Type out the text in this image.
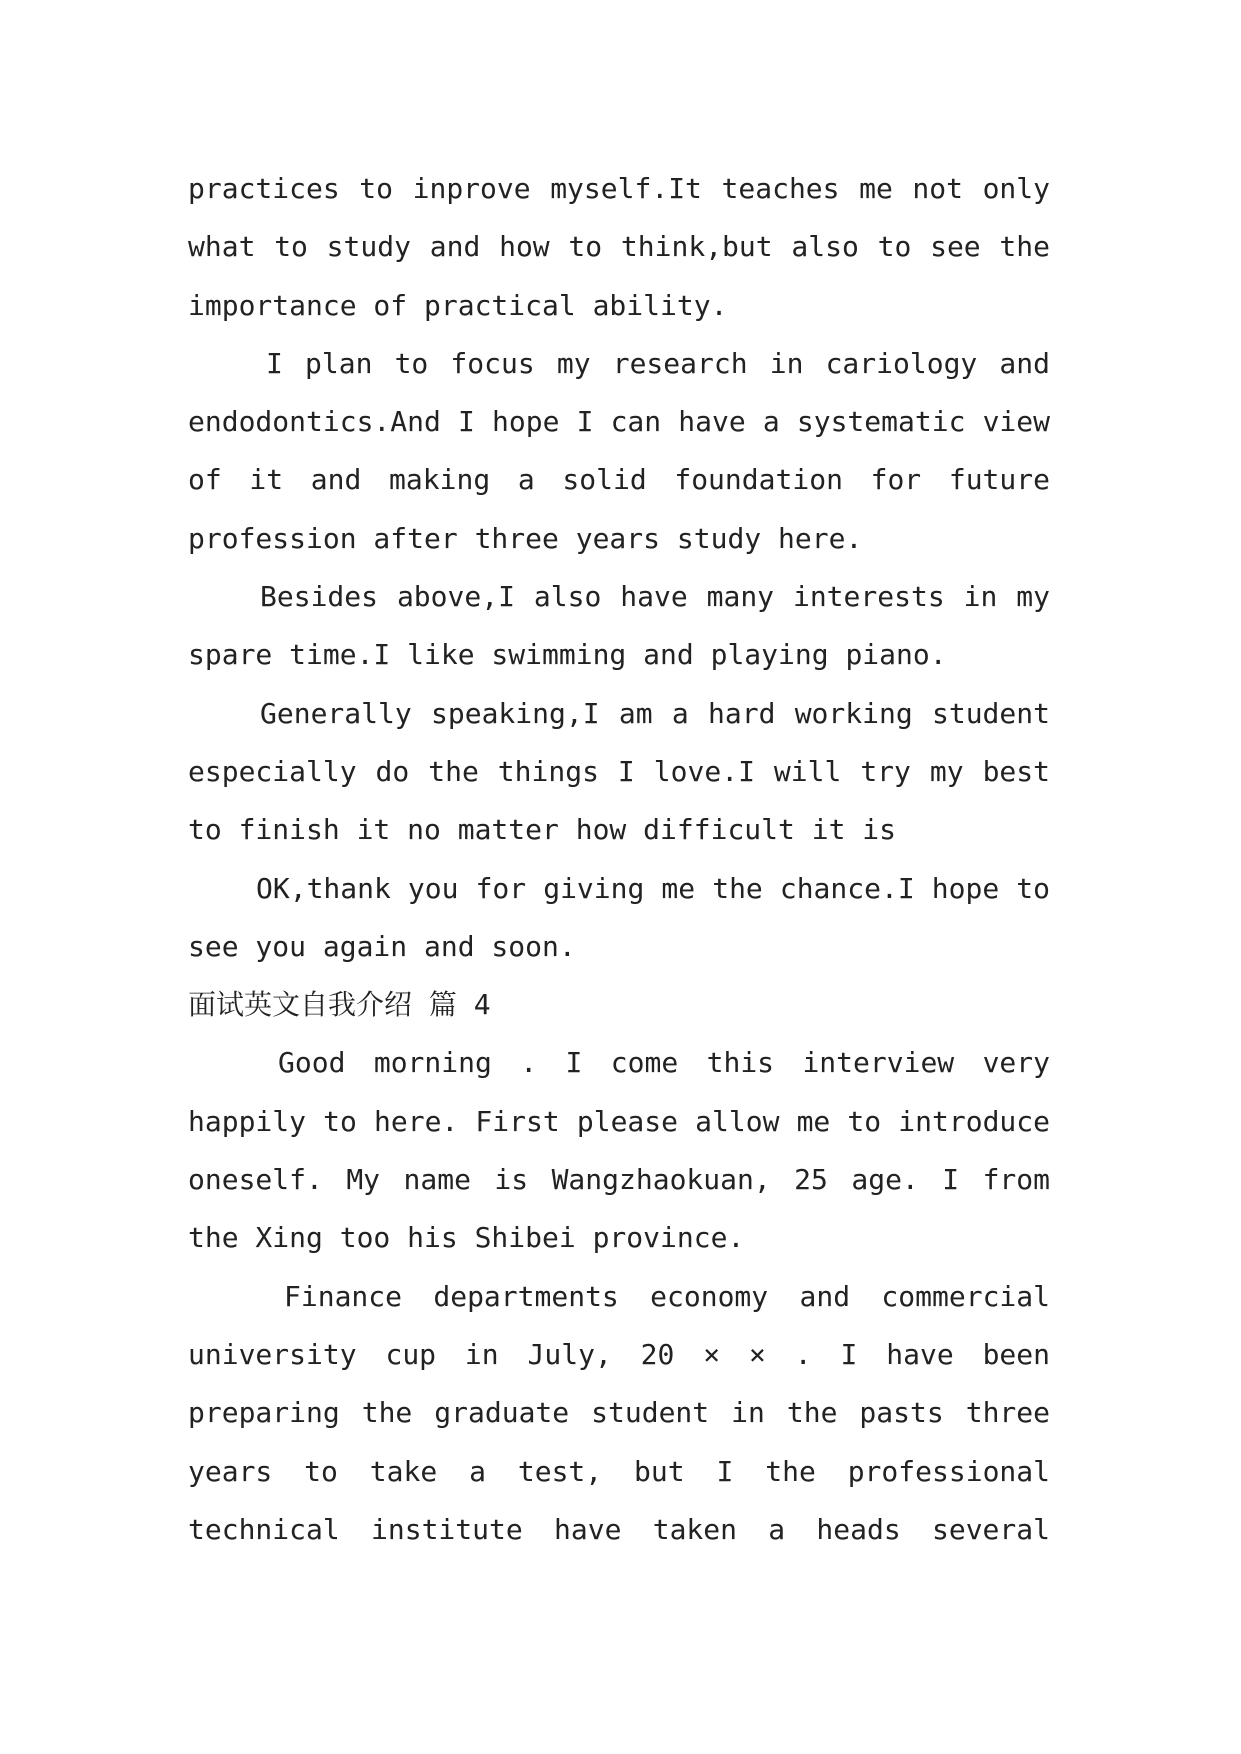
practices to inprove myself.It teaches me not only
what to study and how to think,but also to see the
importance of practical ability.
I plan to focus my research in cariology and
endodontics.And I hope I can have a systematic view
of it and making a solid foundation for future
profession after three years study here.
Besides above,I also have many interests in my
spare time.I like swimming and playing piano.
Generally speaking,I am a hard working student
especially do the things I love.I will try my best
to finish it no matter how difficult it is
OK,thank you for giving me the chance.I hope to
see you again and soon.
面试英文自我介绍 篇 4
Good morning . I come this interview very
happily to here. First please allow me to introduce
oneself. My name is Wangzhaokuan, 25 age. I from
the Xing too his Shibei province.
Finance departments economy and commercial
university cup in July, 20 × × . I have been
preparing the graduate student in the pasts three
years to take a test, but I the professional
technical institute have taken a heads several
